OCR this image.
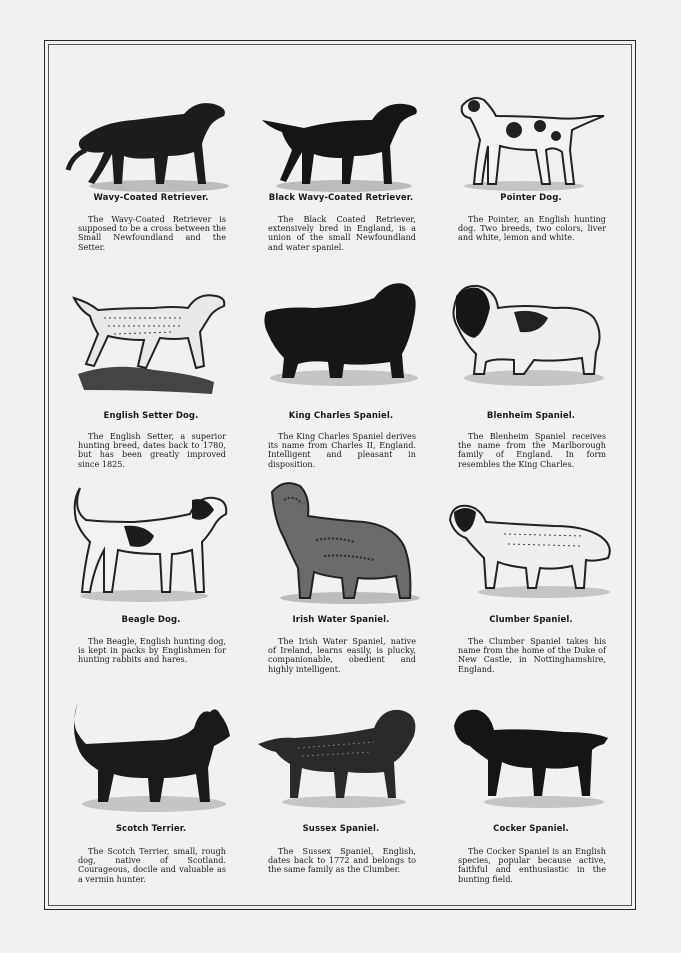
Wavy-Coated Retriever.
The Wavy-Coated Retriever is supposed to be a cross between the Small Newfoundland and the Setter.
Black Wavy-Coated Retriever.
The Black Coated Retriever, extensively bred in England, is a union of the small Newfoundland and water spaniel.
Pointer Dog.
The Pointer, an English hunting dog. Two breeds, two colors, liver and white, lemon and white.
English Setter Dog.
The English Setter, a superior hunting breed, dates back to 1780, but has been greatly improved since 1825.
King Charles Spaniel.
The King Charles Spaniel derives its name from Charles II, England. Intelligent and pleasant in disposition.
Blenheim Spaniel.
The Blenheim Spaniel receives the name from the Marlborough family of England. In form resembles the King Charles.
Beagle Dog.
The Beagle, English hunting dog, is kept in packs by Englishmen for hunting rabbits and hares.
Irish Water Spaniel.
The Irish Water Spaniel, native of Ireland, learns easily, is plucky, companionable, obedient and highly intelligent.
Clumber Spaniel.
The Clumber Spaniel takes his name from the home of the Duke of New Castle, in Nottinghamshire, England.
Scotch Terrier.
The Scotch Terrier, small, rough dog, native of Scotland. Courageous, docile and valuable as a vermin hunter.
Sussex Spaniel.
The Sussex Spaniel, English, dates back to 1772 and belongs to the same family as the Clumber.
Cocker Spaniel.
The Cocker Spaniel is an English species, popular because active, faithful and enthusiastic in the bunting field.
